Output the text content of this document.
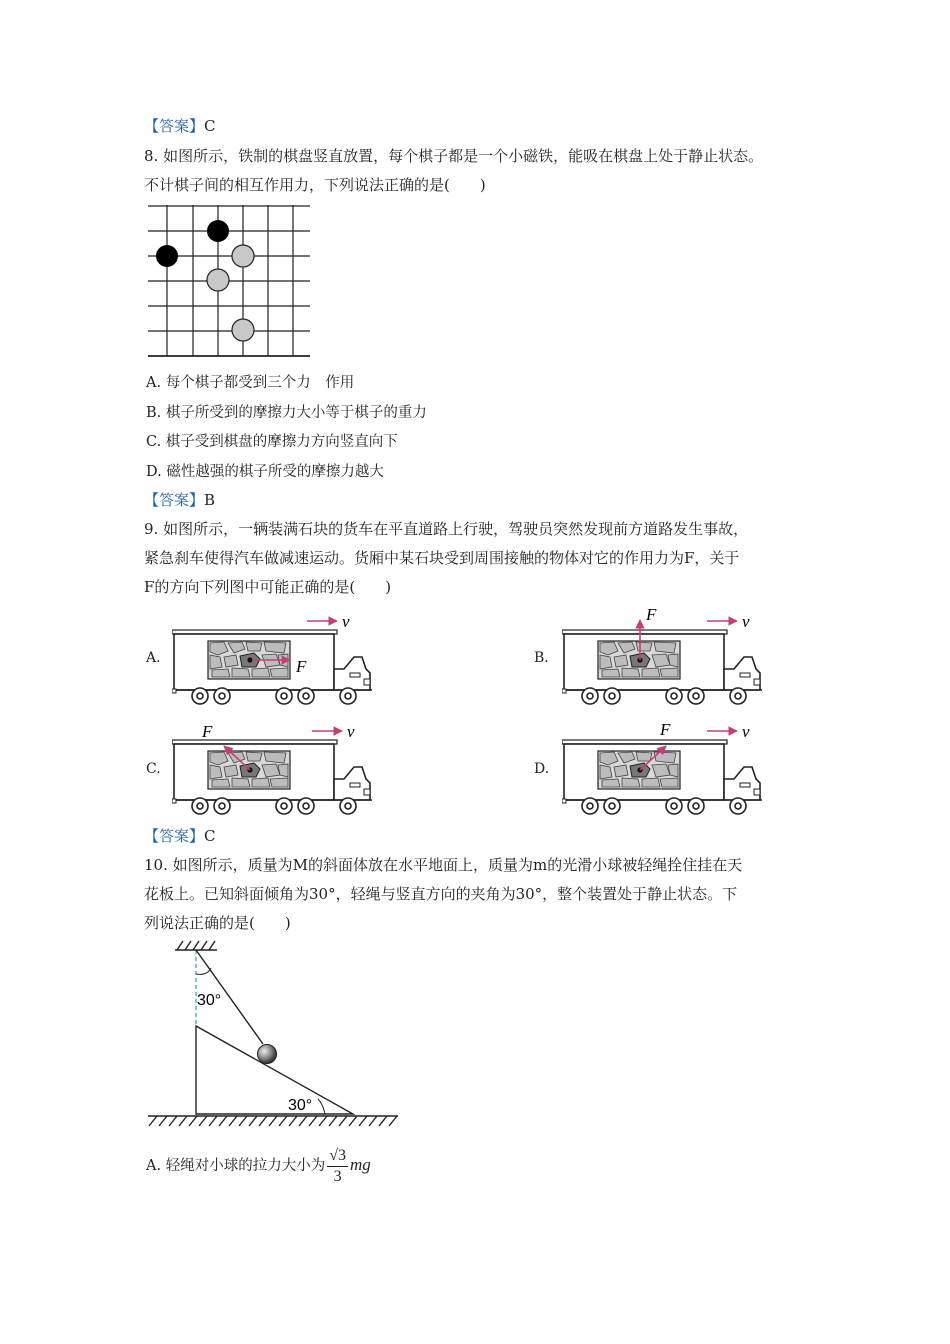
【答案】C
8. 如图所示，铁制的棋盘竖直放置，每个棋子都是一个小磁铁，能吸在棋盘上处于静止状态。
不计棋子间的相互作用力，下列说法正确的是(　　)
A. 每个棋子都受到三个力　作用
B. 棋子所受到的摩擦力大小等于棋子的重力
C. 棋子受到棋盘的摩擦力方向竖直向下
D. 磁性越强的棋子所受的摩擦力越大
【答案】B
9. 如图所示，一辆装满石块的货车在平直道路上行驶，驾驶员突然发现前方道路发生事故，
紧急刹车使得汽车做减速运动。货厢中某石块受到周围接触的物体对它的作用力为F，关于
F的方向下列图中可能正确的是(　　)
A.
v
F	B.
v
F
C.
v
F
D.
v
F
【答案】C
10. 如图所示，质量为M的斜面体放在水平地面上，质量为m的光滑小球被轻绳拴住挂在天
花板上。已知斜面倾角为30°，轻绳与竖直方向的夹角为30°，整个装置处于静止状态。下
列说法正确的是(　　)
30°
30°
A. 轻绳对小球的拉力大小为 $\frac{√3}{3}$ mg
